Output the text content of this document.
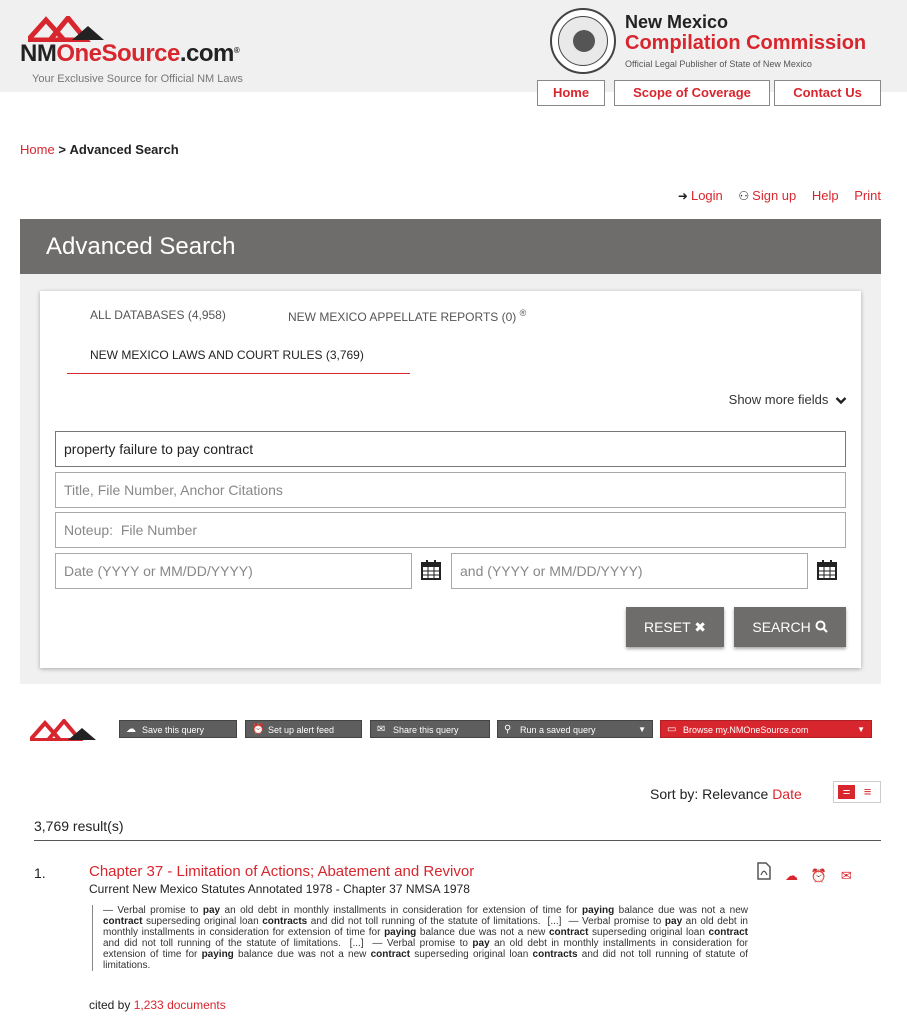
NMOneSource.com®
Your Exclusive Source for Official NM Laws
New Mexico
Compilation Commission
Official Legal Publisher of State of New Mexico
Home	Scope of Coverage	Contact Us
Home > Advanced Search
➜ Login ⚇ Sign up Help Print
Advanced Search
ALL DATABASES (4,958)	NEW MEXICO APPELLATE REPORTS (0) ®
NEW MEXICO LAWS AND COURT RULES (3,769)
Show more fields
property failure to pay contract
Title, File Number, Anchor Citations
Noteup: File Number
Date (YYYY or MM/DD/YYYY)
and (YYYY or MM/DD/YYYY)
RESET ✖	SEARCH
☁ Save this query	⏰ Set up alert feed	✉ Share this query	⚲ Run a saved query	▼ ▭ Browse my.NMOneSource.com	▼
Sort by: Relevance Date	=	≡
3,769 result(s)
1.	Chapter 37 - Limitation of Actions; Abatement and Revivor
Current New Mexico Statutes Annotated 1978 - Chapter 37 NMSA 1978
☁ ⏰ ✉
— Verbal promise to pay an old debt in monthly installments in consideration for extension of time for paying balance due was not a new contract superseding original loan contracts and did not toll running of the statute of limitations.  [...]  — Verbal promise to pay an old debt in monthly installments in consideration for extension of time for paying balance due was not a new contract superseding original loan contract and did not toll running of the statute of limitations.  [...]  — Verbal promise to pay an old debt in monthly installments in consideration for extension of time for paying balance due was not a new contract superseding original loan contracts and did not toll running of statute of limitations.
cited by 1,233 documents
